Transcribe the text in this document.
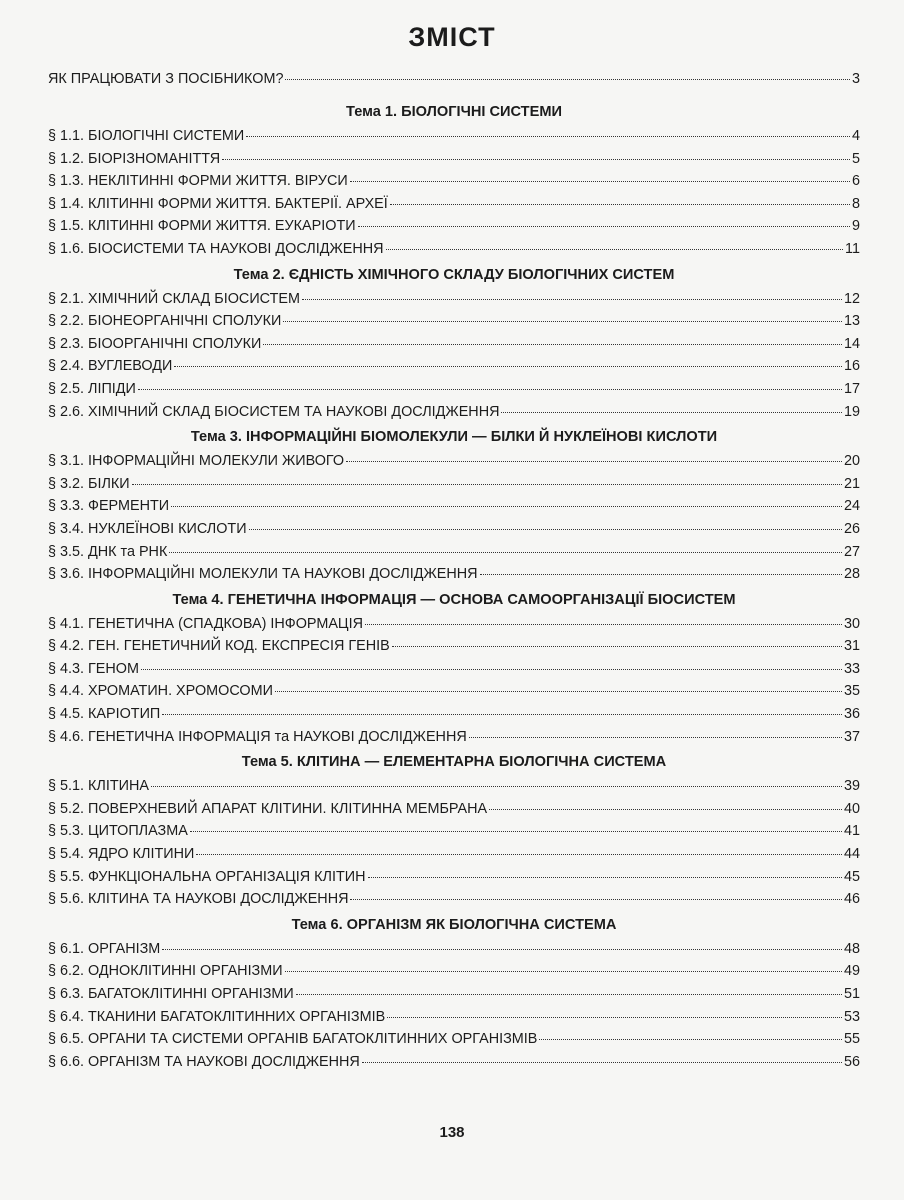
ЗМІСТ
ЯК ПРАЦЮВАТИ З ПОСІБНИКОМ?	3
Тема 1. БІОЛОГІЧНІ СИСТЕМИ
§ 1.1. БІОЛОГІЧНІ СИСТЕМИ	4
§ 1.2. БІОРІЗНОМАНІТТЯ	5
§ 1.3. НЕКЛІТИННІ ФОРМИ ЖИТТЯ. ВІРУСИ	6
§ 1.4. КЛІТИННІ ФОРМИ ЖИТТЯ. БАКТЕРІЇ. АРХЕЇ	8
§ 1.5. КЛІТИННІ ФОРМИ ЖИТТЯ. ЕУКАРІОТИ	9
§ 1.6. БІОСИСТЕМИ ТА НАУКОВІ ДОСЛІДЖЕННЯ	11
Тема 2. ЄДНІСТЬ ХІМІЧНОГО СКЛАДУ БІОЛОГІЧНИХ СИСТЕМ
§ 2.1. ХІМІЧНИЙ СКЛАД БІОСИСТЕМ	12
§ 2.2. БІОНЕОРГАНІЧНІ СПОЛУКИ	13
§ 2.3. БІООРГАНІЧНІ СПОЛУКИ	14
§ 2.4. ВУГЛЕВОДИ	16
§ 2.5. ЛІПІДИ	17
§ 2.6. ХІМІЧНИЙ СКЛАД БІОСИСТЕМ ТА НАУКОВІ ДОСЛІДЖЕННЯ	19
Тема 3. ІНФОРМАЦІЙНІ БІОМОЛЕКУЛИ — БІЛКИ Й НУКЛЕЇНОВІ КИСЛОТИ
§ 3.1. ІНФОРМАЦІЙНІ МОЛЕКУЛИ ЖИВОГО	20
§ 3.2. БІЛКИ	21
§ 3.3. ФЕРМЕНТИ	24
§ 3.4. НУКЛЕЇНОВІ КИСЛОТИ	26
§ 3.5. ДНК та РНК	27
§ 3.6. ІНФОРМАЦІЙНІ МОЛЕКУЛИ ТА НАУКОВІ ДОСЛІДЖЕННЯ	28
Тема 4. ГЕНЕТИЧНА ІНФОРМАЦІЯ — ОСНОВА САМООРГАНІЗАЦІЇ БІОСИСТЕМ
§ 4.1. ГЕНЕТИЧНА (СПАДКОВА) ІНФОРМАЦІЯ	30
§ 4.2. ГЕН. ГЕНЕТИЧНИЙ КОД. ЕКСПРЕСІЯ ГЕНІВ	31
§ 4.3. ГЕНОМ	33
§ 4.4. ХРОМАТИН. ХРОМОСОМИ	35
§ 4.5. КАРІОТИП	36
§ 4.6. ГЕНЕТИЧНА ІНФОРМАЦІЯ та НАУКОВІ ДОСЛІДЖЕННЯ	37
Тема 5. КЛІТИНА — ЕЛЕМЕНТАРНА БІОЛОГІЧНА СИСТЕМА
§ 5.1. КЛІТИНА	39
§ 5.2. ПОВЕРХНЕВИЙ АПАРАТ КЛІТИНИ. КЛІТИННА МЕМБРАНА	40
§ 5.3. ЦИТОПЛАЗМА	41
§ 5.4. ЯДРО КЛІТИНИ	44
§ 5.5. ФУНКЦІОНАЛЬНА ОРГАНІЗАЦІЯ КЛІТИН	45
§ 5.6. КЛІТИНА ТА НАУКОВІ ДОСЛІДЖЕННЯ	46
Тема 6. ОРГАНІЗМ ЯК БІОЛОГІЧНА СИСТЕМА
§ 6.1. ОРГАНІЗМ	48
§ 6.2. ОДНОКЛІТИННІ ОРГАНІЗМИ	49
§ 6.3. БАГАТОКЛІТИННІ ОРГАНІЗМИ	51
§ 6.4. ТКАНИНИ БАГАТОКЛІТИННИХ ОРГАНІЗМІВ	53
§ 6.5. ОРГАНИ ТА СИСТЕМИ ОРГАНІВ БАГАТОКЛІТИННИХ ОРГАНІЗМІВ	55
§ 6.6. ОРГАНІЗМ ТА НАУКОВІ ДОСЛІДЖЕННЯ	56
138
